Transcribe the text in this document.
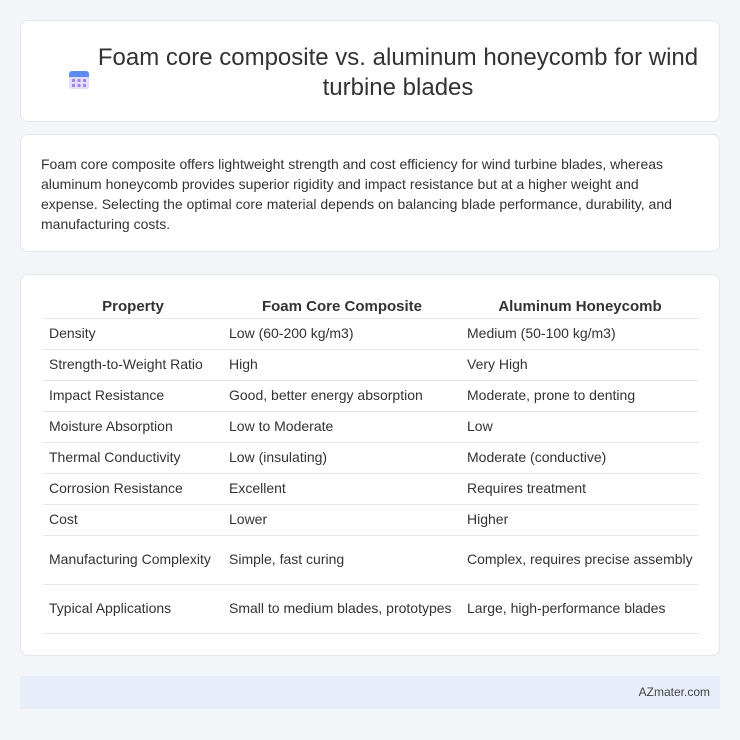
Foam core composite vs. aluminum honeycomb for wind turbine blades

Foam core composite offers lightweight strength and cost efficiency for wind turbine blades, whereas aluminum honeycomb provides superior rigidity and impact resistance but at a higher weight and expense. Selecting the optimal core material depends on balancing blade performance, durability, and manufacturing costs.

Property	Foam Core Composite	Aluminum Honeycomb
Density	Low (60-200 kg/m3)	Medium (50-100 kg/m3)
Strength-to-Weight Ratio	High	Very High
Impact Resistance	Good, better energy absorption	Moderate, prone to denting
Moisture Absorption	Low to Moderate	Low
Thermal Conductivity	Low (insulating)	Moderate (conductive)
Corrosion Resistance	Excellent	Requires treatment
Cost	Lower	Higher
Manufacturing Complexity	Simple, fast curing	Complex, requires precise assembly
Typical Applications	Small to medium blades, prototypes	Large, high-performance blades
AZmater.com
